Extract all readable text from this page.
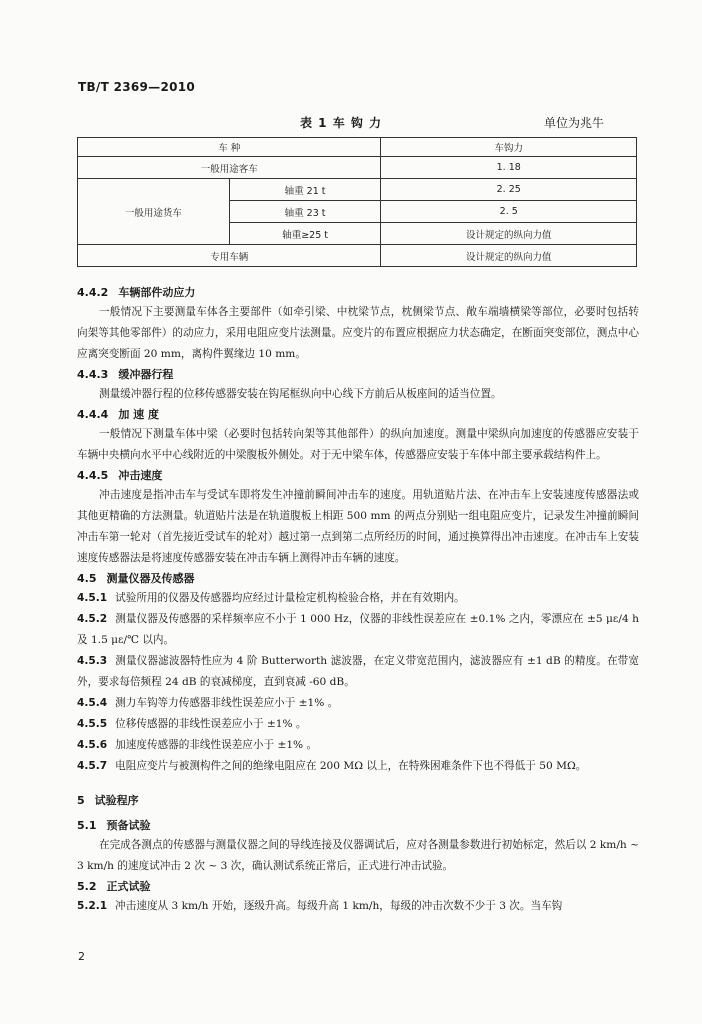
TB/T 2369—2010
表 1 车 钩 力	单位为兆牛
车 种		车钩力
一般用途客车		1. 18
一般用途货车	轴重 21 t	2. 25
	轴重 23 t	2. 5
	轴重≥25 t	设计规定的纵向力值
专用车辆		设计规定的纵向力值
4.4.2 车辆部件动应力

一般情况下主要测量车体各主要部件（如牵引梁、中枕梁节点，枕侧梁节点、敞车端墙横梁等部位，必要时包括转向架等其他零部件）的动应力，采用电阻应变片法测量。应变片的布置应根据应力状态确定，在断面突变部位，测点中心应离突变断面 20 mm，离构件翼缘边 10 mm。

4.4.3 缓冲器行程

测量缓冲器行程的位移传感器安装在钩尾框纵向中心线下方前后从板座间的适当位置。

4.4.4 加 速 度

一般情况下测量车体中梁（必要时包括转向架等其他部件）的纵向加速度。测量中梁纵向加速度的传感器应安装于车辆中央横向水平中心线附近的中梁腹板外侧处。对于无中梁车体，传感器应安装于车体中部主要承载结构件上。

4.4.5 冲击速度

冲击速度是指冲击车与受试车即将发生冲撞前瞬间冲击车的速度。用轨道贴片法、在冲击车上安装速度传感器法或其他更精确的方法测量。轨道贴片法是在轨道腹板上相距 500 mm 的两点分别贴一组电阻应变片，记录发生冲撞前瞬间冲击车第一轮对（首先接近受试车的轮对）越过第一点到第二点所经历的时间，通过换算得出冲击速度。在冲击车上安装速度传感器法是将速度传感器安装在冲击车辆上测得冲击车辆的速度。

4.5 测量仪器及传感器

4.5.1 试验所用的仪器及传感器均应经过计量检定机构检验合格，并在有效期内。

4.5.2 测量仪器及传感器的采样频率应不小于 1 000 Hz，仪器的非线性误差应在 ±0.1% 之内，零漂应在 ±5 με/4 h 及 1.5 με/℃ 以内。

4.5.3 测量仪器滤波器特性应为 4 阶 Butterworth 滤波器，在定义带宽范围内，滤波器应有 ±1 dB 的精度。在带宽外，要求每倍频程 24 dB 的衰减梯度，直到衰减 -60 dB。

4.5.4 测力车钩等力传感器非线性误差应小于 ±1% 。

4.5.5 位移传感器的非线性误差应小于 ±1% 。

4.5.6 加速度传感器的非线性误差应小于 ±1% 。

4.5.7 电阻应变片与被测构件之间的绝缘电阻应在 200 MΩ 以上，在特殊困难条件下也不得低于 50 MΩ。

5 试验程序
5.1 预备试验

在完成各测点的传感器与测量仪器之间的导线连接及仪器调试后，应对各测量参数进行初始标定，然后以 2 km/h ~ 3 km/h 的速度试冲击 2 次 ~ 3 次，确认测试系统正常后，正式进行冲击试验。

5.2 正式试验

5.2.1 冲击速度从 3 km/h 开始，逐级升高。每级升高 1 km/h，每级的冲击次数不少于 3 次。当车钩

2
